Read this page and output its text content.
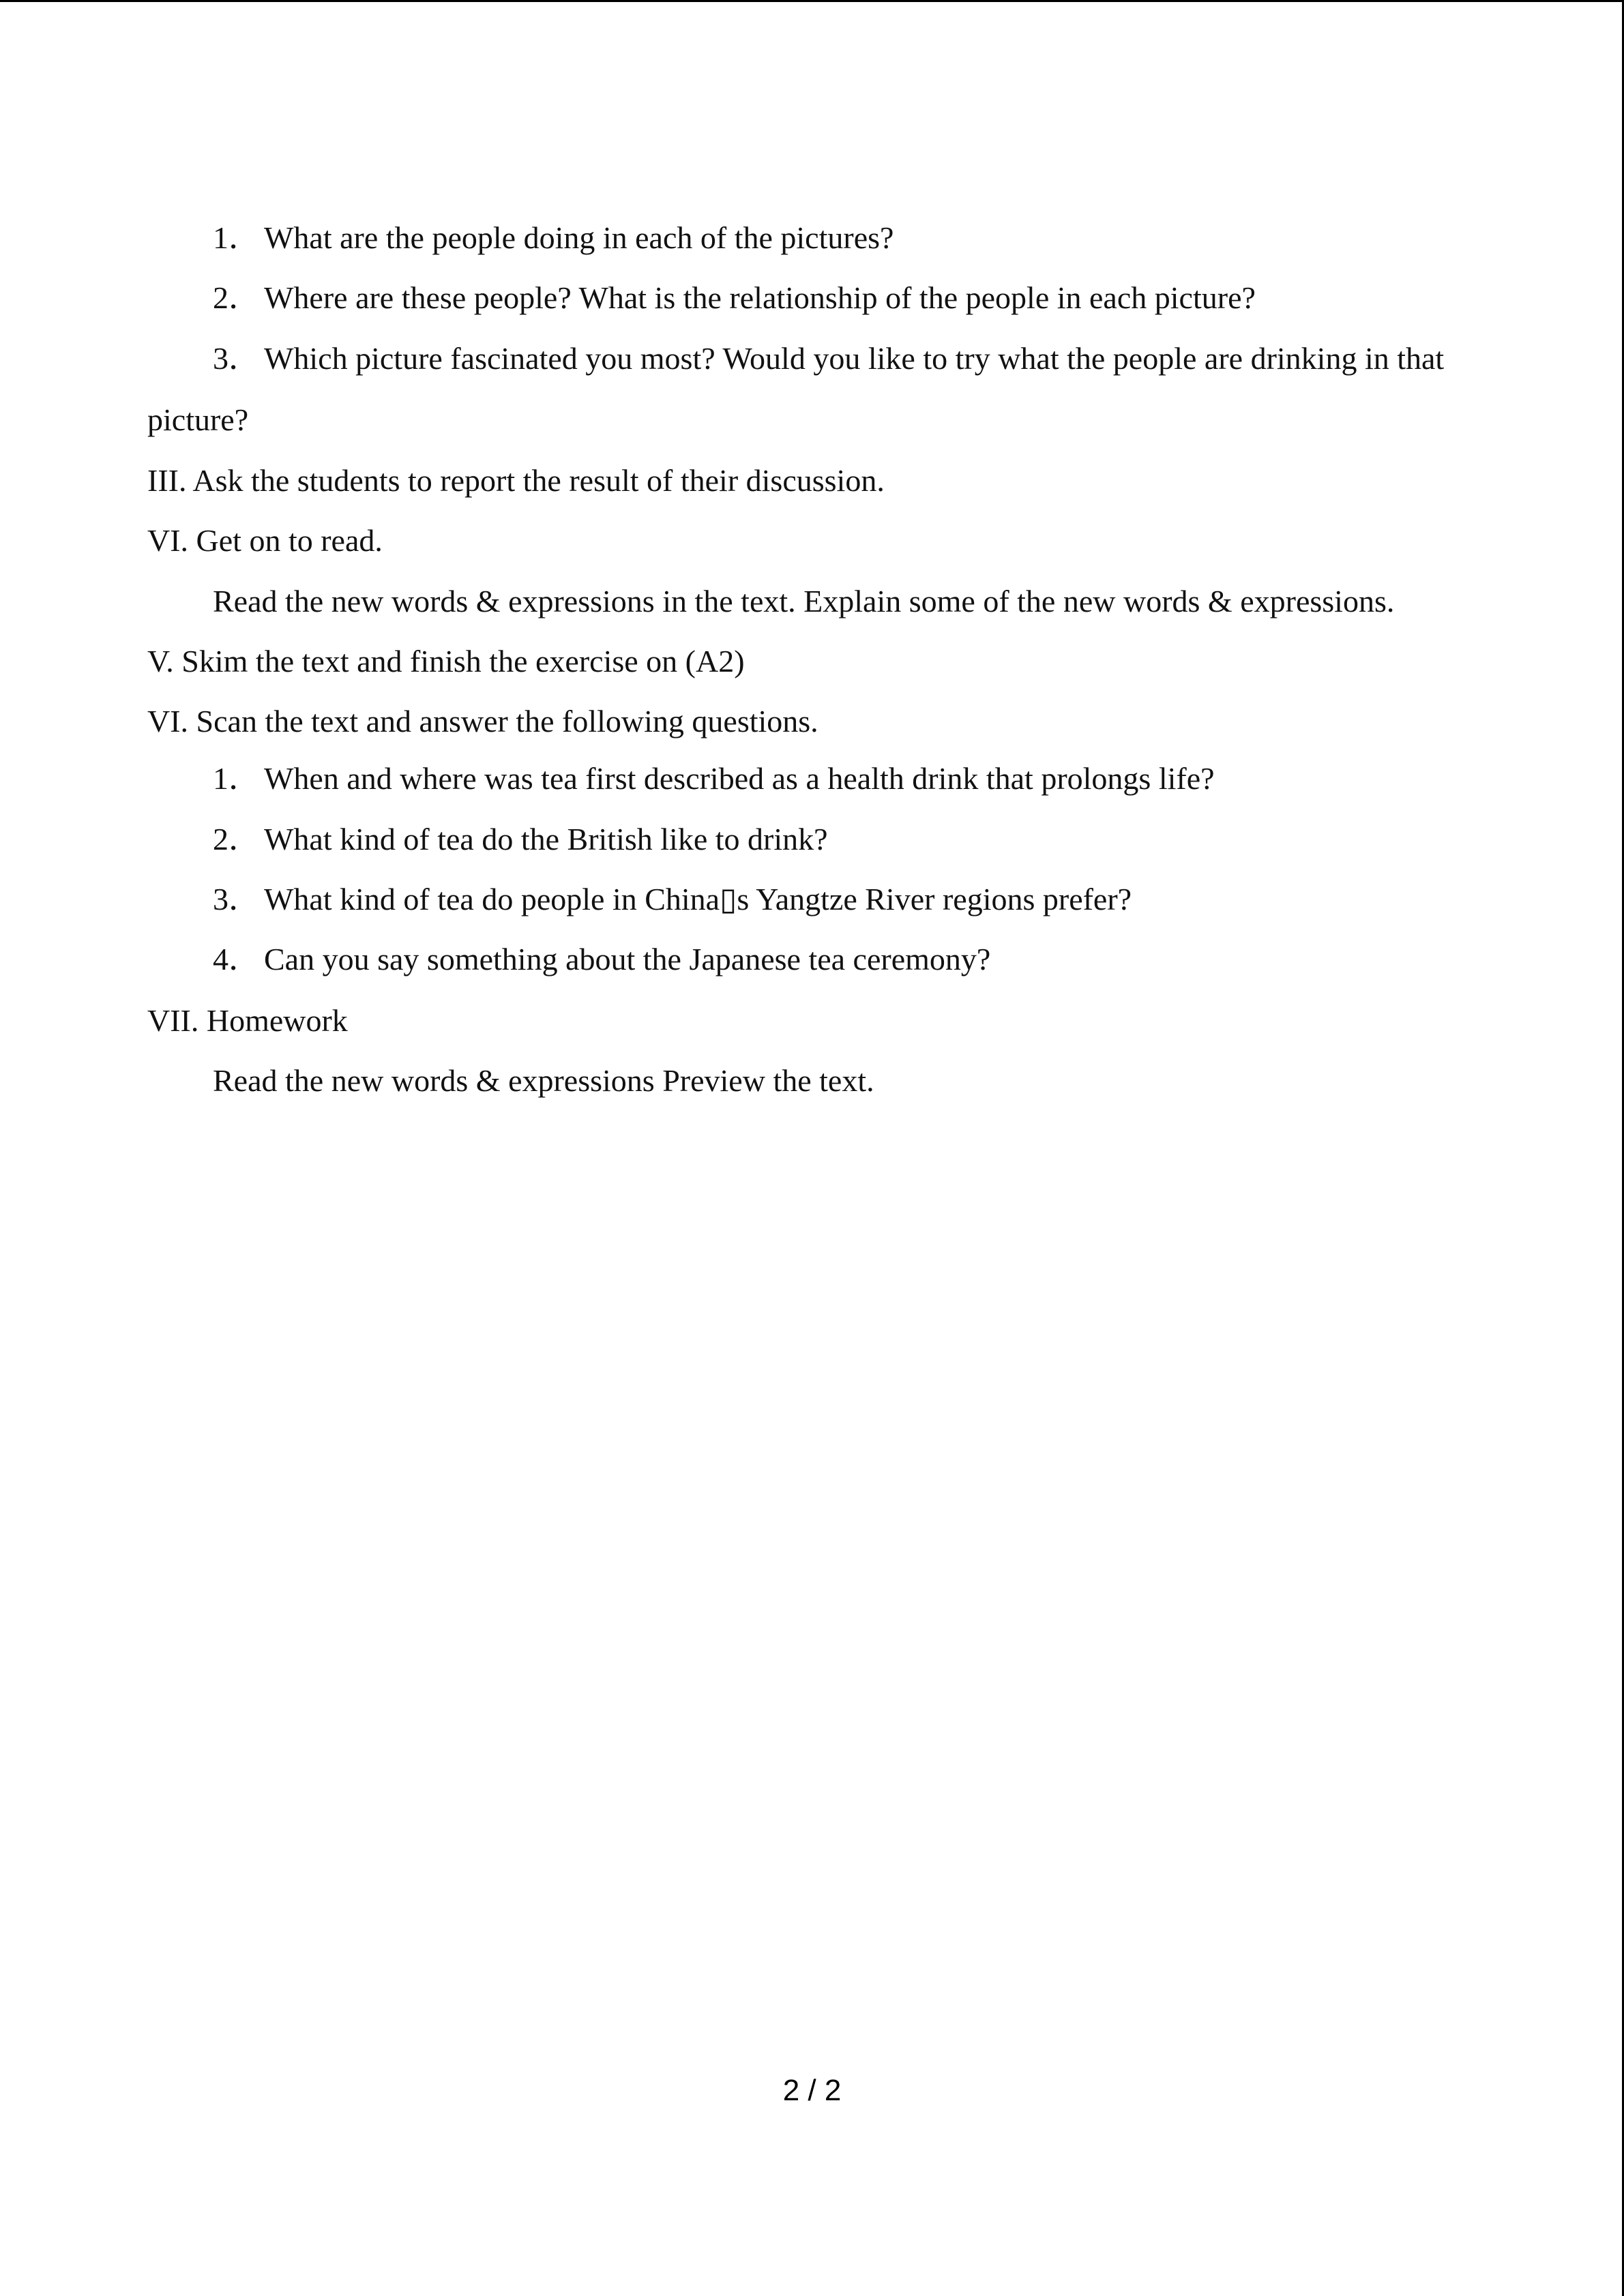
1． What are the people doing in each of the pictures?
2． Where are these people? What is the relationship of the people in each picture?
3． Which picture fascinated you most? Would you like to try what the people are drinking in that
picture?
III. Ask the students to report the result of their discussion.
VI. Get on to read.
Read the new words & expressions in the text. Explain some of the new words & expressions.
V. Skim the text and finish the exercise on (A2)
VI. Scan the text and answer the following questions.
1． When and where was tea first described as a health drink that prolongs life?
2． What kind of tea do the British like to drink?
3． What kind of tea do people in China▯s Yangtze River regions prefer?
4． Can you say something about the Japanese tea ceremony?
VII. Homework
Read the new words & expressions Preview the text.
2 / 2
